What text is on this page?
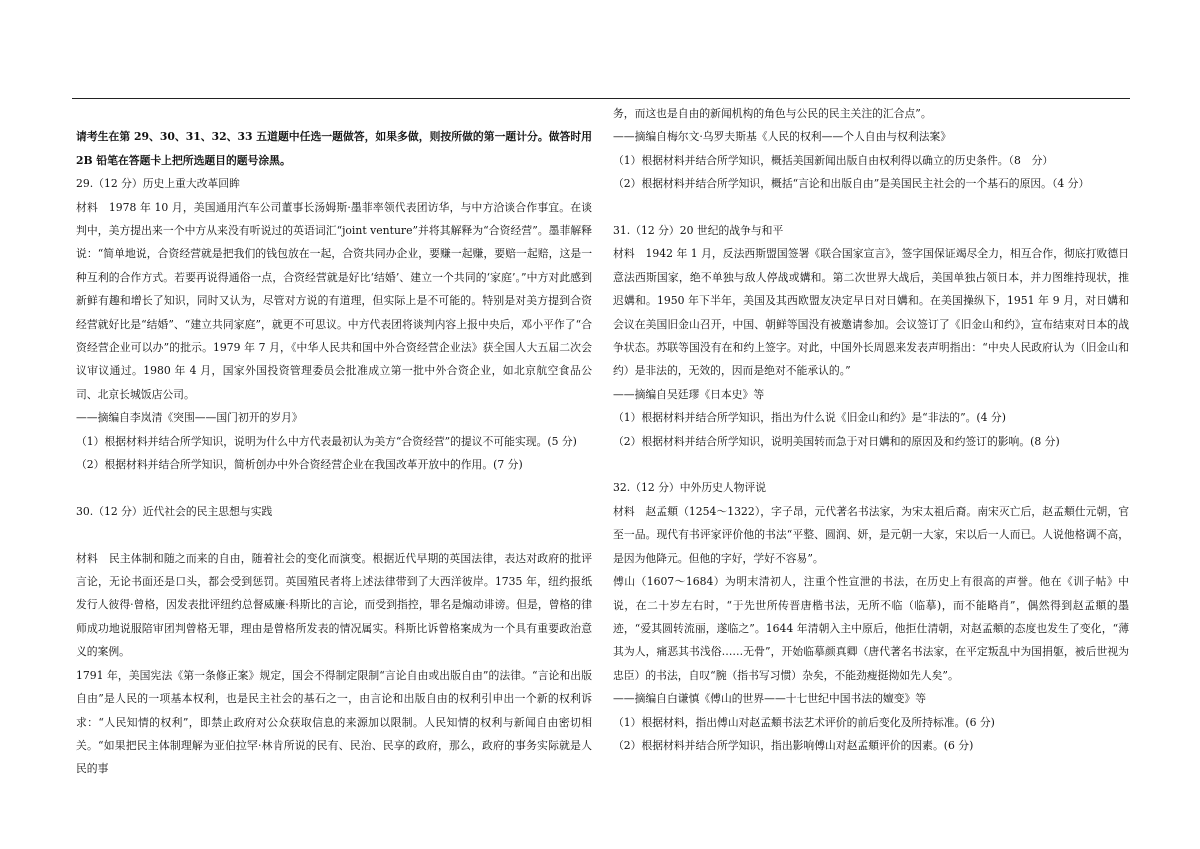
请考生在第 29、30、31、32、33 五道题中任选一题做答，如果多做，则按所做的第一题计分。做答时用 2B 铅笔在答题卡上把所选题目的题号涂黑。

29.（12 分）历史上重大改革回眸

材料　1978 年 10 月，美国通用汽车公司董事长汤姆斯·墨菲率领代表团访华，与中方洽谈合作事宜。在谈判中，美方提出来一个中方从来没有听说过的英语词汇“joint venture”并将其解释为“合资经营”。墨菲解释说：“简单地说，合资经营就是把我们的钱包放在一起，合资共同办企业，要赚一起赚，要赔一起赔，这是一种互利的合作方式。若要再说得通俗一点，合资经营就是好比‘结婚’、建立一个共同的‘家庭’。”中方对此感到新鲜有趣和增长了知识，同时又认为，尽管对方说的有道理，但实际上是不可能的。特别是对美方提到合资经营就好比是“结婚”、“建立共同家庭”，就更不可思议。中方代表团将谈判内容上报中央后，邓小平作了“合资经营企业可以办”的批示。1979 年 7 月，《中华人民共和国中外合资经营企业法》获全国人大五届二次会议审议通过。1980 年 4 月，国家外国投资管理委员会批准成立第一批中外合资企业，如北京航空食品公司、北京长城饭店公司。

——摘编自李岚清《突围——国门初开的岁月》

（1）根据材料并结合所学知识，说明为什么中方代表最初认为美方“合资经营”的提议不可能实现。(5 分)

（2）根据材料并结合所学知识，简析创办中外合资经营企业在我国改革开放中的作用。(7 分)

30.（12 分）近代社会的民主思想与实践

材料　民主体制和随之而来的自由，随着社会的变化而演变。根据近代早期的英国法律，表达对政府的批评言论，无论书面还是口头，都会受到惩罚。英国殖民者将上述法律带到了大西洋彼岸。1735 年，纽约报纸发行人彼得·曾格，因发表批评纽约总督威廉·科斯比的言论，而受到指控，罪名是煽动诽谤。但是，曾格的律师成功地说服陪审团判曾格无罪，理由是曾格所发表的情况属实。科斯比诉曾格案成为一个具有重要政治意义的案例。

1791 年，美国宪法《第一条修正案》规定，国会不得制定限制“言论自由或出版自由”的法律。“言论和出版自由”是人民的一项基本权利，也是民主社会的基石之一，由言论和出版自由的权利引申出一个新的权利诉求：“人民知情的权利”，即禁止政府对公众获取信息的来源加以限制。人民知情的权利与新闻自由密切相关。“如果把民主体制理解为亚伯拉罕·林肯所说的民有、民治、民享的政府，那么，政府的事务实际就是人民的事

务，而这也是自由的新闻机构的角色与公民的民主关注的汇合点”。

——摘编自梅尔文·乌罗夫斯基《人民的权利——个人自由与权利法案》

（1）根据材料并结合所学知识，概括美国新闻出版自由权利得以确立的历史条件。（8　分）

（2）根据材料并结合所学知识，概括“言论和出版自由”是美国民主社会的一个基石的原因。（4 分）

31.（12 分）20 世纪的战争与和平

材料　1942 年 1 月，反法西斯盟国签署《联合国家宣言》，签字国保证竭尽全力，相互合作，彻底打败德日意法西斯国家，绝不单独与敌人停战或媾和。第二次世界大战后，美国单独占领日本，并力图维持现状，推迟媾和。1950 年下半年，美国及其西欧盟友决定早日对日媾和。在美国操纵下，1951 年 9 月，对日媾和会议在美国旧金山召开，中国、朝鲜等国没有被邀请参加。会议签订了《旧金山和约》，宣布结束对日本的战争状态。苏联等国没有在和约上签字。对此，中国外长周恩来发表声明指出：“中央人民政府认为（旧金山和约）是非法的，无效的，因而是绝对不能承认的。”

——摘编自吴廷璆《日本史》等

（1）根据材料并结合所学知识，指出为什么说《旧金山和约》是“非法的”。(4 分)

（2）根据材料并结合所学知识，说明美国转而急于对日媾和的原因及和约签订的影响。(8 分)

32.（12 分）中外历史人物评说

材料　赵孟頫（1254～1322），字子昂，元代著名书法家，为宋太祖后裔。南宋灭亡后，赵孟頫仕元朝，官至一品。现代有书评家评价他的书法“平整、圆润、妍，是元朝一大家，宋以后一人而已。人说他格调不高，是因为他降元。但他的字好，学好不容易”。

傅山（1607～1684）为明末清初人，注重个性宣泄的书法，在历史上有很高的声誉。他在《训子帖》中说，在二十岁左右时，“于先世所传晋唐楷书法，无所不临（临摹)，而不能略肖”，偶然得到赵孟頫的墨迹，“爱其圆转流丽，遂临之”。1644 年清朝入主中原后，他拒仕清朝，对赵孟頫的态度也发生了变化，“薄其为人，痛恶其书浅俗……无骨”，开始临摹颜真卿（唐代著名书法家，在平定叛乱中为国捐躯，被后世视为忠臣）的书法，自叹“腕（指书写习惯）杂矣，不能劲瘦挺拗如先人矣”。

——摘编自白谦慎《傅山的世界——十七世纪中国书法的嬗变》等

（1）根据材料，指出傅山对赵孟頫书法艺术评价的前后变化及所持标准。(6 分)

（2）根据材料并结合所学知识，指出影响傅山对赵孟頫评价的因素。(6 分)
